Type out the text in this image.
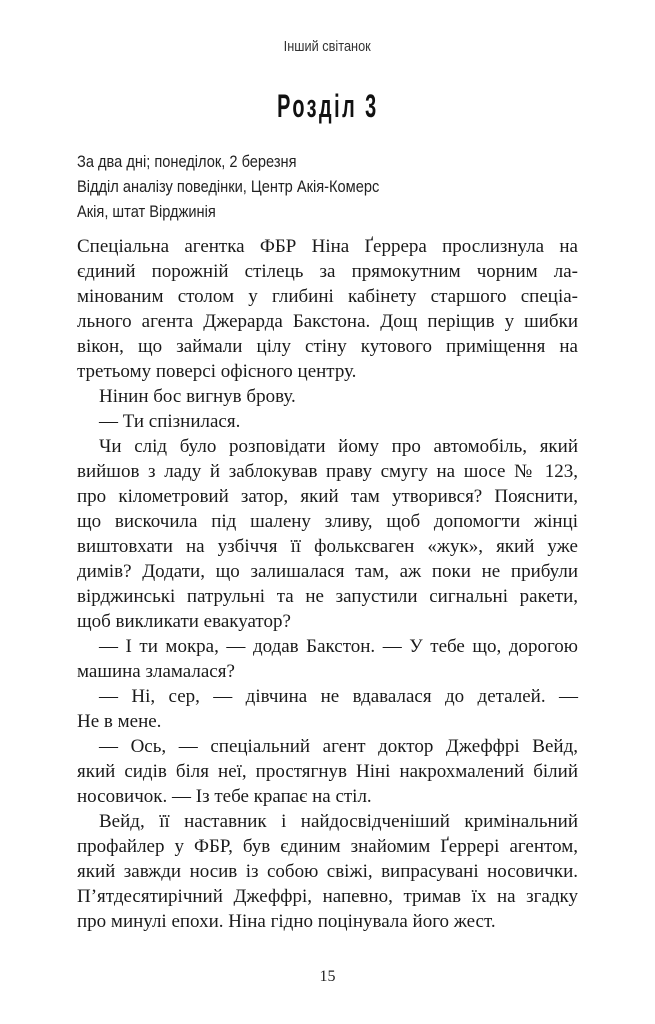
Інший світанок
Розділ 3
За два дні; понеділок, 2 березня
Відділ аналізу поведінки, Центр Акія-Комерс
Акія, штат Вірджинія
Спеціальна агентка ФБР Ніна Ґеррера прослизнула на
єдиний порожній стілець за прямокутним чорним ла-
мінованим столом у глибині кабінету старшого спеціа-
льного агента Джерарда Бакстона. Дощ періщив у шибки
вікон, що займали цілу стіну кутового приміщення на
третьому поверсі офісного центру.
Нінин бос вигнув брову.
— Ти спізнилася.
Чи слід було розповідати йому про автомобіль, який
вийшов з ладу й заблокував праву смугу на шосе № 123,
про кілометровий затор, який там утворився? Пояснити,
що вискочила під шалену зливу, щоб допомогти жінці
виштовхати на узбіччя її фольксваген «жук», який уже
димів? Додати, що залишалася там, аж поки не прибули
вірджинські патрульні та не запустили сигнальні ракети,
щоб викликати евакуатор?
— І ти мокра, — додав Бакстон. — У тебе що, дорогою
машина зламалася?
— Ні, сер, — дівчина не вдавалася до деталей. —
Не в мене.
— Ось, — спеціальний агент доктор Джеффрі Вейд,
який сидів біля неї, простягнув Ніні накрохмалений білий
носовичок. — Із тебе крапає на стіл.
Вейд, її наставник і найдосвідченіший кримінальний
профайлер у ФБР, був єдиним знайомим Ґеррері агентом,
який завжди носив із собою свіжі, випрасувані носовички.
П’ятдесятирічний Джеффрі, напевно, тримав їх на згадку
про минулі епохи. Ніна гідно поцінувала його жест.
15
